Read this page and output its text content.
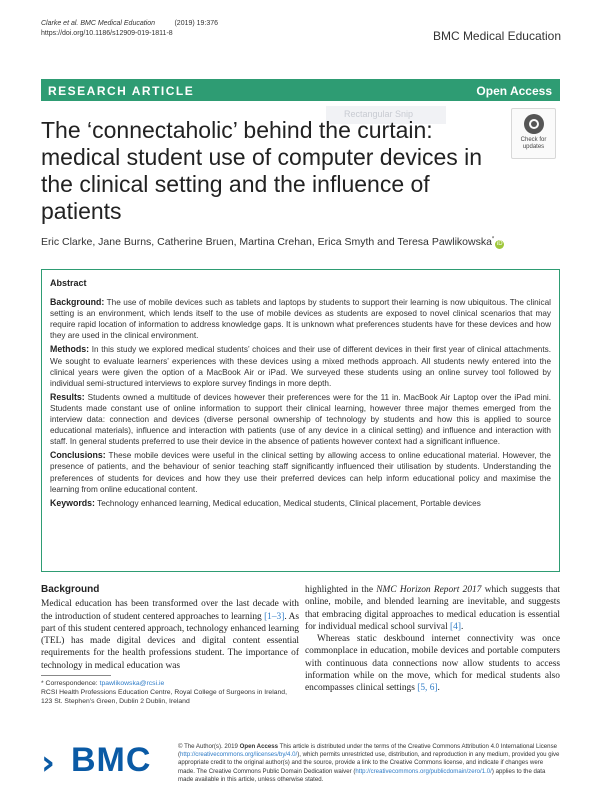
Clarke et al. BMC Medical Education	(2019) 19:376
https://doi.org/10.1186/s12909-019-1811-8	BMC Medical Education
RESEARCH ARTICLE	Open Access
Rectangular Snip
Check for
updates
The ‘connectaholic’ behind the curtain: medical student use of computer devices in the clinical setting and the influence of patients
Eric Clarke, Jane Burns, Catherine Bruen, Martina Crehan, Erica Smyth and Teresa Pawlikowska*iD
Abstract

Background: The use of mobile devices such as tablets and laptops by students to support their learning is now ubiquitous. The clinical setting is an environment, which lends itself to the use of mobile devices as students are exposed to novel clinical scenarios that may require rapid location of information to address knowledge gaps. It is unknown what preferences students have for these devices and how they are used in the clinical environment.

Methods: In this study we explored medical students’ choices and their use of different devices in their first year of clinical attachments. We sought to evaluate learners’ experiences with these devices using a mixed methods approach. All students newly entered into the clinical years were given the option of a MacBook Air or iPad. We surveyed these students using an online survey tool followed by individual semi-structured interviews to explore survey findings in more depth.

Results: Students owned a multitude of devices however their preferences were for the 11 in. MacBook Air Laptop over the iPad mini. Students made constant use of online information to support their clinical learning, however three major themes emerged from the interview data: connection and devices (diverse personal ownership of technology by students and how this is applied to source educational materials), influence and interaction with patients (use of any device in a clinical setting) and influence and interaction with staff. In general students preferred to use their device in the absence of patients however context had a significant influence.

Conclusions: These mobile devices were useful in the clinical setting by allowing access to online educational material. However, the presence of patients, and the behaviour of senior teaching staff significantly influenced their utilisation by students. Understanding the preferences of students for devices and how they use their preferred devices can help inform educational policy and maximise the learning from online educational content.

Keywords: Technology enhanced learning, Medical education, Medical students, Clinical placement, Portable devices

Background

Medical education has been transformed over the last decade with the introduction of student centered approaches to learning [1–3]. As part of this student centered approach, technology enhanced learning (TEL) has made digital devices and digital content essential requirements for the health professions student. The importance of technology in medical education was

highlighted in the NMC Horizon Report 2017 which suggests that online, mobile, and blended learning are inevitable, and suggests that embracing digital approaches to medical education is essential for individual medical school survival [4].

Whereas static deskbound internet connectivity was once commonplace in education, mobile devices and portable computers with continuous data connections now allow students to access information while on the move, which for medical students also encompasses clinical settings [5, 6].

* Correspondence: tpawlikowska@rcsi.ie
RCSI Health Professions Education Centre, Royal College of Surgeons in Ireland, 123 St. Stephen’s Green, Dublin 2 Dublin, Ireland
› BMC	© The Author(s). 2019 Open Access This article is distributed under the terms of the Creative Commons Attribution 4.0 International License (http://creativecommons.org/licenses/by/4.0/), which permits unrestricted use, distribution, and reproduction in any medium, provided you give appropriate credit to the original author(s) and the source, provide a link to the Creative Commons license, and indicate if changes were made. The Creative Commons Public Domain Dedication waiver (http://creativecommons.org/publicdomain/zero/1.0/) applies to the data made available in this article, unless otherwise stated.
